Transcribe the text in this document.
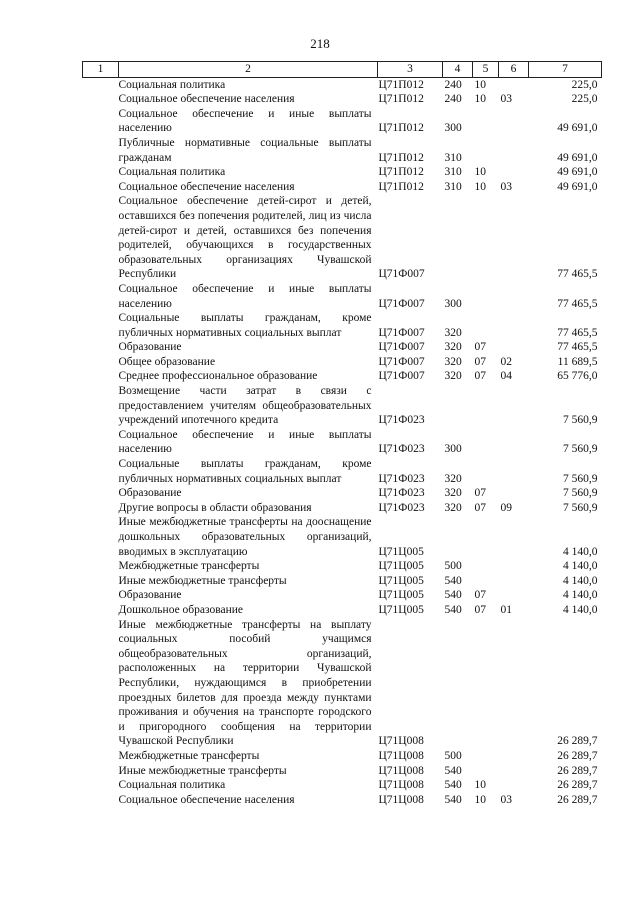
218
1	2	3	4	5	6	7
	Социальная политика	Ц71П012	240	10		225,0
	Социальное обеспечение населения	Ц71П012	240	10	03	225,0
	Социальное обеспечение и иные выплаты населению	Ц71П012	300			49 691,0
	Публичные нормативные социальные выплаты гражданам	Ц71П012	310			49 691,0
	Социальная политика	Ц71П012	310	10		49 691,0
	Социальное обеспечение населения	Ц71П012	310	10	03	49 691,0
	Социальное обеспечение детей-сирот и детей, оставшихся без попечения родителей, лиц из числа детей-сирот и детей, оставшихся без попечения родителей, обучающихся в государственных образовательных организациях Чувашской Республики	Ц71Ф007				77 465,5
	Социальное обеспечение и иные выплаты населению	Ц71Ф007	300			77 465,5
	Социальные выплаты гражданам, кроме публичных нормативных социальных выплат	Ц71Ф007	320			77 465,5
	Образование	Ц71Ф007	320	07		77 465,5
	Общее образование	Ц71Ф007	320	07	02	11 689,5
	Среднее профессиональное образование	Ц71Ф007	320	07	04	65 776,0
	Возмещение части затрат в связи с предоставлением учителям общеобразовательных учреждений ипотечного кредита	Ц71Ф023				7 560,9
	Социальное обеспечение и иные выплаты населению	Ц71Ф023	300			7 560,9
	Социальные выплаты гражданам, кроме публичных нормативных социальных выплат	Ц71Ф023	320			7 560,9
	Образование	Ц71Ф023	320	07		7 560,9
	Другие вопросы в области образования	Ц71Ф023	320	07	09	7 560,9
	Иные межбюджетные трансферты на дооснащение дошкольных образовательных организаций, вводимых в эксплуатацию	Ц71Ц005				4 140,0
	Межбюджетные трансферты	Ц71Ц005	500			4 140,0
	Иные межбюджетные трансферты	Ц71Ц005	540			4 140,0
	Образование	Ц71Ц005	540	07		4 140,0
	Дошкольное образование	Ц71Ц005	540	07	01	4 140,0
	Иные межбюджетные трансферты на выплату социальных пособий учащимся общеобразовательных организаций, расположенных на территории Чувашской Республики, нуждающимся в приобретении проездных билетов для проезда между пунктами проживания и обучения на транспорте городского и пригородного сообщения на территории Чувашской Республики	Ц71Ц008				26 289,7
	Межбюджетные трансферты	Ц71Ц008	500			26 289,7
	Иные межбюджетные трансферты	Ц71Ц008	540			26 289,7
	Социальная политика	Ц71Ц008	540	10		26 289,7
	Социальное обеспечение населения	Ц71Ц008	540	10	03	26 289,7
